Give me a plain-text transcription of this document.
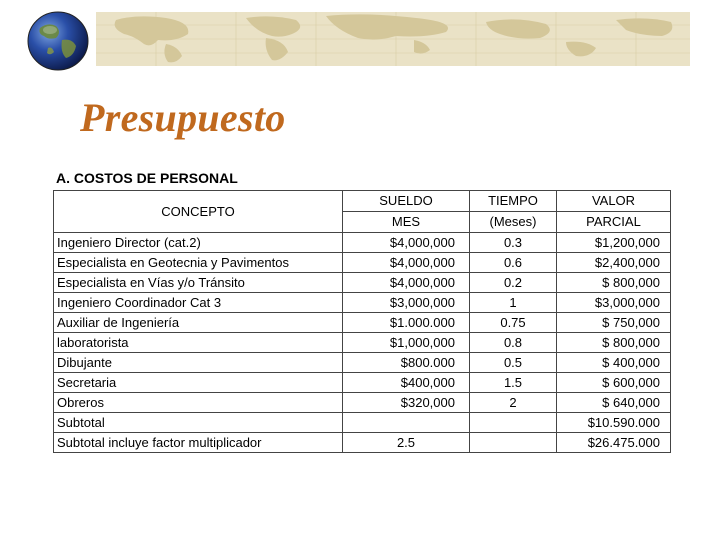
Presupuesto
A. COSTOS DE PERSONAL
CONCEPTO	SUELDO	TIEMPO	VALOR
	MES	(Meses)	PARCIAL
Ingeniero Director (cat.2)	$4,000,000	0.3	$1,200,000
Especialista en Geotecnia y Pavimentos	$4,000,000	0.6	$2,400,000
Especialista en Vías y/o Tránsito	$4,000,000	0.2	$ 800,000
Ingeniero Coordinador Cat 3	$3,000,000	1	$3,000,000
Auxiliar de Ingeniería	$1.000.000	0.75	$ 750,000
laboratorista	$1,000,000	0.8	$ 800,000
Dibujante	$800.000	0.5	$ 400,000
Secretaria	$400,000	1.5	$ 600,000
Obreros	$320,000	2	$ 640,000
Subtotal			$10.590.000
Subtotal incluye factor multiplicador	2.5		$26.475.000
